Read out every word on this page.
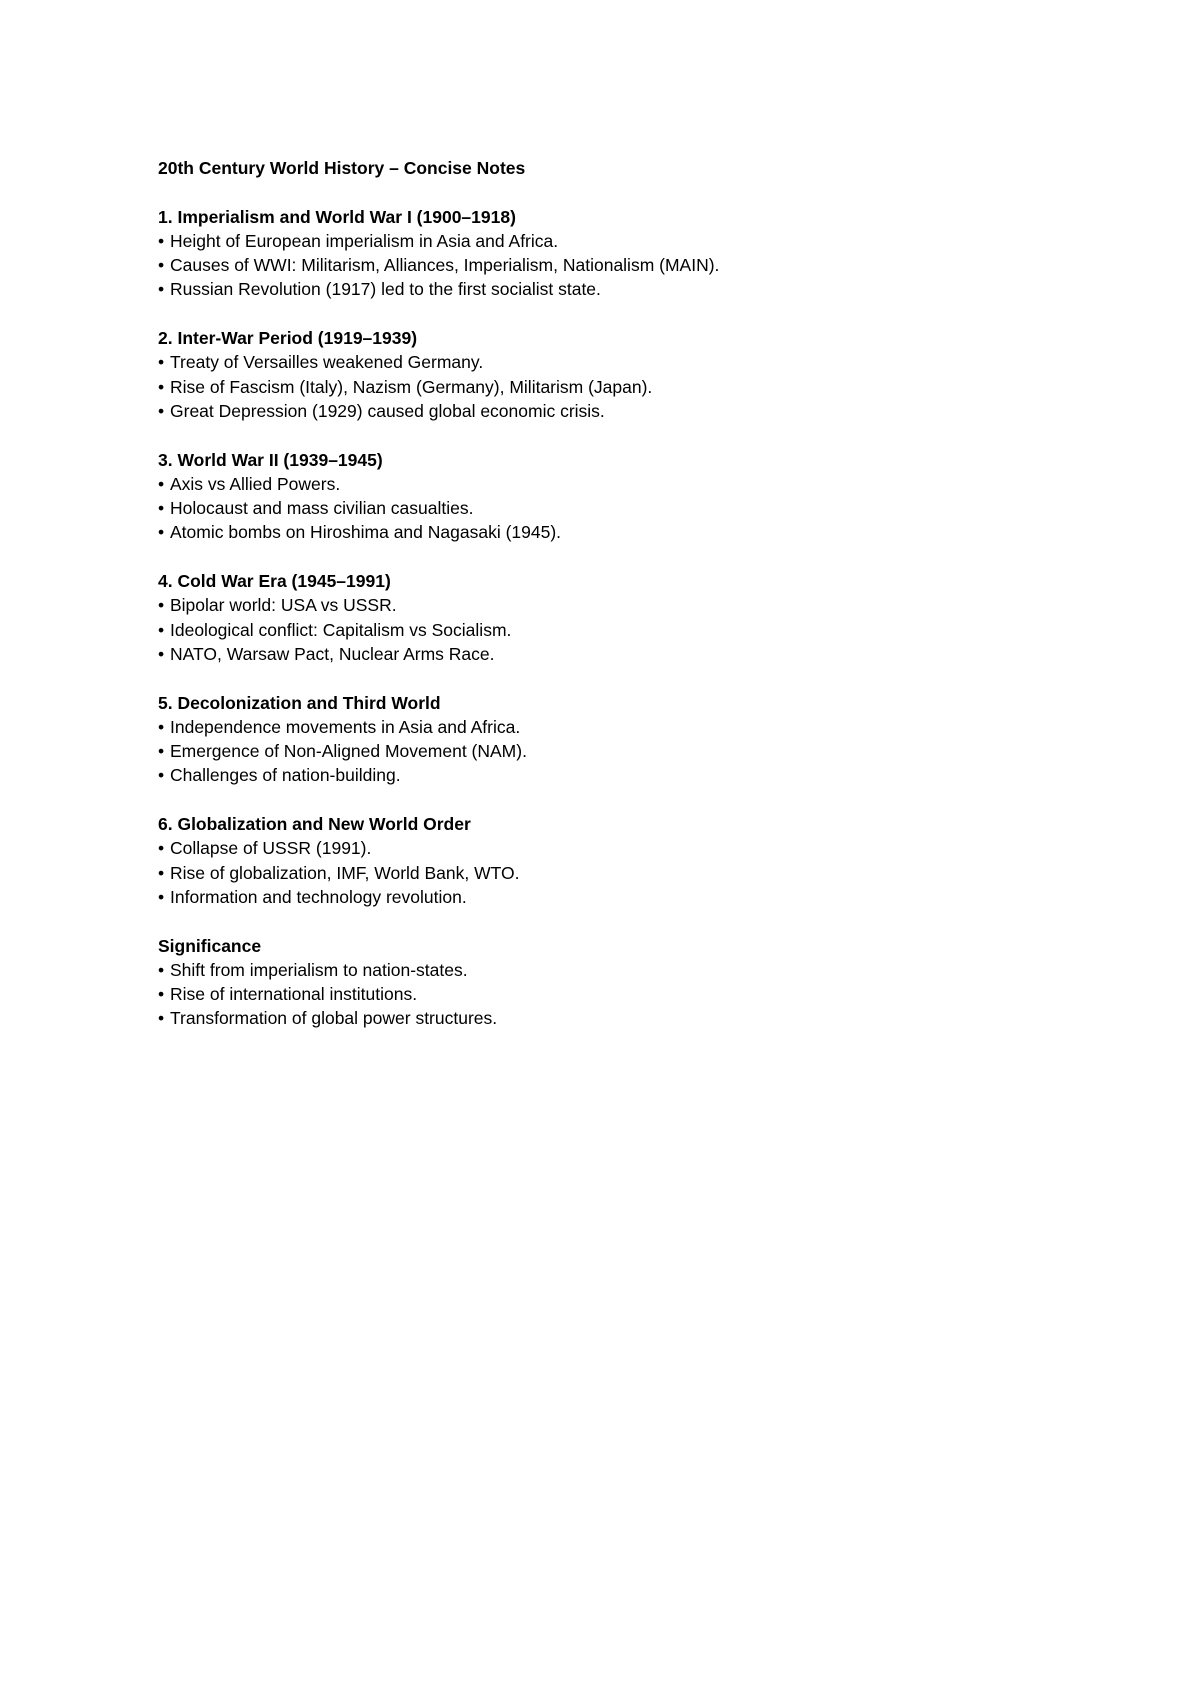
20th Century World History – Concise Notes
1. Imperialism and World War I (1900–1918)
• Height of European imperialism in Asia and Africa.
• Causes of WWI: Militarism, Alliances, Imperialism, Nationalism (MAIN).
• Russian Revolution (1917) led to the first socialist state.
2. Inter-War Period (1919–1939)
• Treaty of Versailles weakened Germany.
• Rise of Fascism (Italy), Nazism (Germany), Militarism (Japan).
• Great Depression (1929) caused global economic crisis.
3. World War II (1939–1945)
• Axis vs Allied Powers.
• Holocaust and mass civilian casualties.
• Atomic bombs on Hiroshima and Nagasaki (1945).
4. Cold War Era (1945–1991)
• Bipolar world: USA vs USSR.
• Ideological conflict: Capitalism vs Socialism.
• NATO, Warsaw Pact, Nuclear Arms Race.
5. Decolonization and Third World
• Independence movements in Asia and Africa.
• Emergence of Non-Aligned Movement (NAM).
• Challenges of nation-building.
6. Globalization and New World Order
• Collapse of USSR (1991).
• Rise of globalization, IMF, World Bank, WTO.
• Information and technology revolution.
Significance
• Shift from imperialism to nation-states.
• Rise of international institutions.
• Transformation of global power structures.
